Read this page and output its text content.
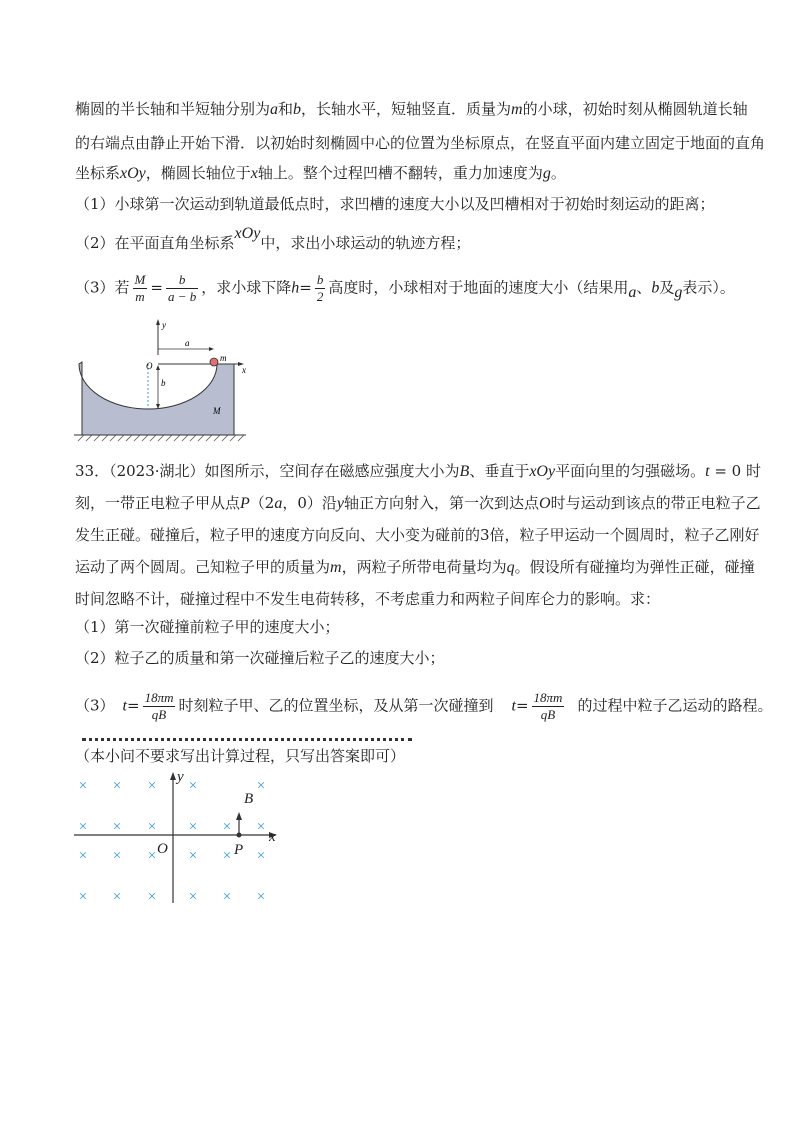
椭圆的半长轴和半短轴分别为a和b，长轴水平，短轴竖直．质量为m的小球，初始时刻从椭圆轨道长轴
的右端点由静止开始下滑．以初始时刻椭圆中心的位置为坐标原点，在竖直平面内建立固定于地面的直角
坐标系xOy，椭圆长轴位于x轴上。整个过程凹槽不翻转，重力加速度为g。
（1）小球第一次运动到轨道最低点时，求凹槽的速度大小以及凹槽相对于初始时刻运动的距离；
（2）在平面直角坐标系xOy中，求出小球运动的轨迹方程；
（3）若 $\frac{M}{m} = \frac{b}{a - b}$ ，求小球下降$h= \frac{b}{2}$ 高度时，小球相对于地面的速度大小（结果用a、b及g表示）。
y
O	x
a
b
m
M
33．（2023·湖北）如图所示，空间存在磁感应强度大小为B、垂直于xOy平面向里的匀强磁场。t = 0 时
刻，一带正电粒子甲从点P（2a，0）沿y轴正方向射入，第一次到达点O时与运动到该点的带正电粒子乙
发生正碰。碰撞后，粒子甲的速度方向反向、大小变为碰前的3倍，粒子甲运动一个圆周时，粒子乙刚好
运动了两个圆周。己知粒子甲的质量为m，两粒子所带电荷量均为q。假设所有碰撞均为弹性正碰，碰撞
时间忽略不计，碰撞过程中不发生电荷转移，不考虑重力和两粒子间库仑力的影响。求：
（1）第一次碰撞前粒子甲的速度大小；
（2）粒子乙的质量和第一次碰撞后粒子乙的速度大小；
（3） $t= \frac{18\pi m}{qB}$ 时刻粒子甲、乙的位置坐标，及从第一次碰撞到 $t= \frac{18\pi m}{qB}$ 的过程中粒子乙运动的路程。
（本小问不要求写出计算过程，只写出答案即可）
× × × ×	×
× × × × × ×
× × × × × ×
× × × × × ×
y
x
O
B
P
